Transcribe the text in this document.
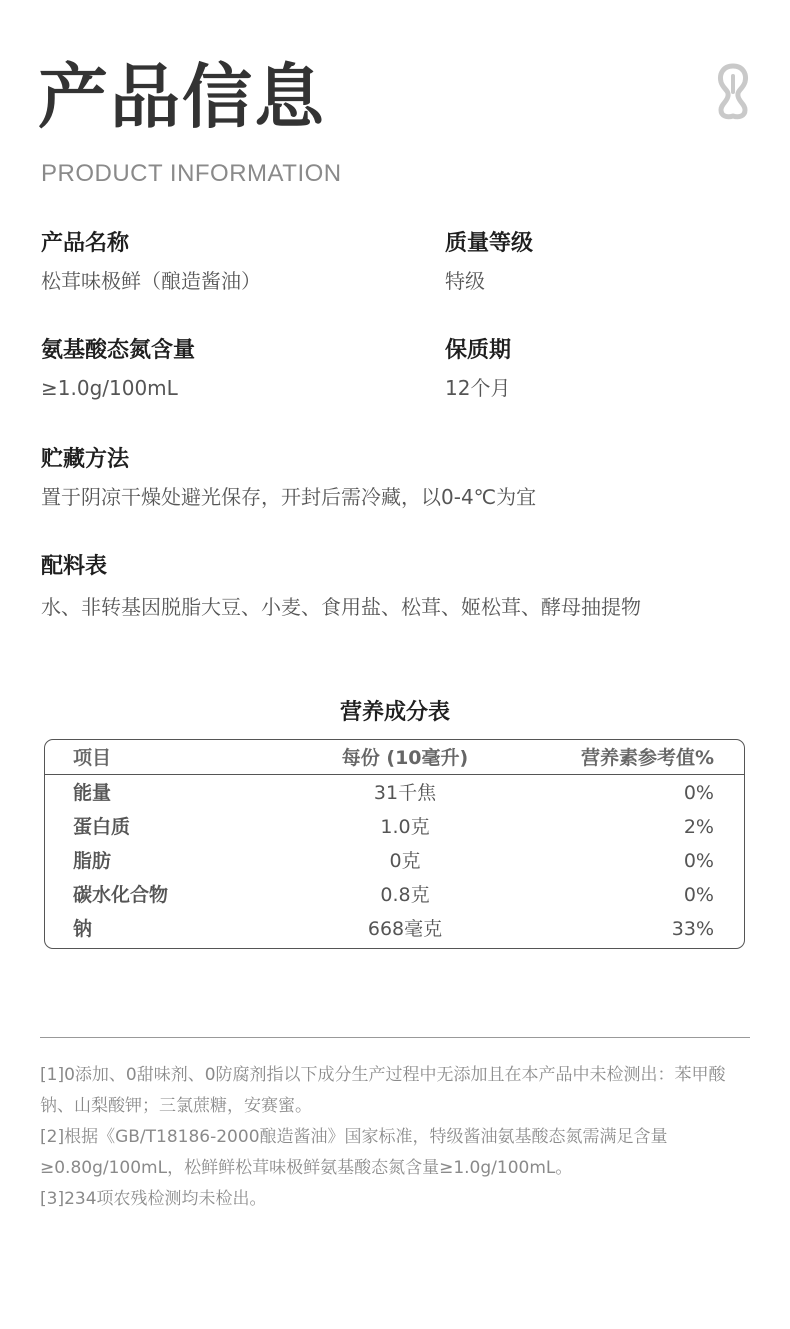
产品信息
PRODUCT INFORMATION
产品名称
松茸味极鲜（酿造酱油）
质量等级
特级
氨基酸态氮含量
≥1.0g/100mL
保质期
12个月
贮藏方法
置于阴凉干燥处避光保存，开封后需冷藏，以0-4℃为宜
配料表
水、非转基因脱脂大豆、小麦、食用盐、松茸、姬松茸、酵母抽提物
营养成分表
项目	每份 (10毫升)	营养素参考值%
能量	31千焦	0%
蛋白质	1.0克	2%
脂肪	0克	0%
碳水化合物	0.8克	0%
钠	668毫克	33%

[1]0添加、0甜味剂、0防腐剂指以下成分生产过程中无添加且在本产品中未检测出：苯甲酸钠、山梨酸钾；三氯蔗糖，安赛蜜。

[2]根据《GB/T18186-2000酿造酱油》国家标准，特级酱油氨基酸态氮需满足含量≥0.80g/100mL，松鲜鲜松茸味极鲜氨基酸态氮含量≥1.0g/100mL。

[3]234项农残检测均未检出。
